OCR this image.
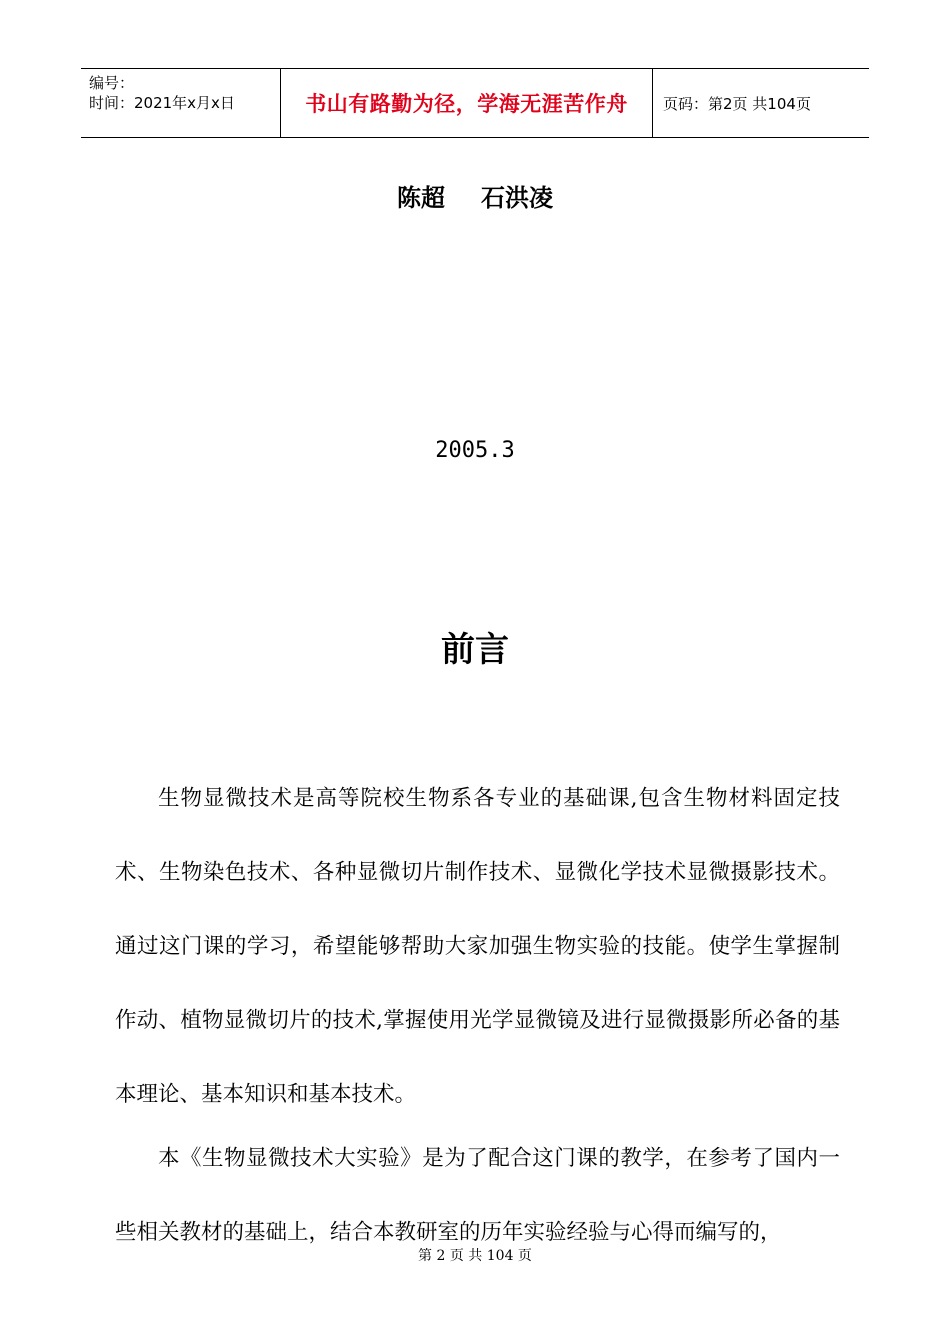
编号：
时间：2021年x月x日	书山有路勤为径，学海无涯苦作舟 页码：第2页 共104页
陈超 石洪凌
2005.3
前言

生物显微技术是高等院校生物系各专业的基础课,包含生物材料固定技术、生物染色技术、各种显微切片制作技术、显微化学技术显微摄影技术。通过这门课的学习，希望能够帮助大家加强生物实验的技能。使学生掌握制作动、植物显微切片的技术,掌握使用光学显微镜及进行显微摄影所必备的基本理论、基本知识和基本技术。

本《生物显微技术大实验》是为了配合这门课的教学，在参考了国内一些相关教材的基础上，结合本教研室的历年实验经验与心得而编写的，

第 2 页 共 104 页
